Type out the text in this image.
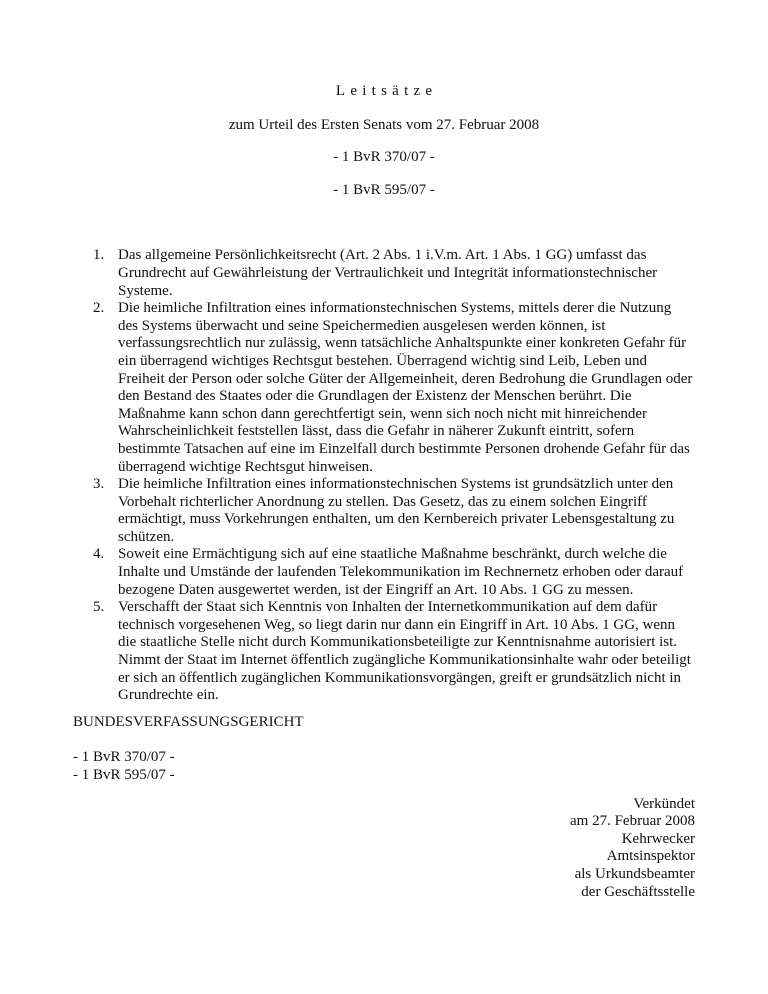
Leitsätze
zum Urteil des Ersten Senats vom 27. Februar 2008
- 1 BvR 370/07 -
- 1 BvR 595/07 -
1. Das allgemeine Persönlichkeitsrecht (Art. 2 Abs. 1 i.V.m. Art. 1 Abs. 1 GG) umfasst das Grundrecht auf Gewährleistung der Vertraulichkeit und Integrität informationstechnischer Systeme.
2. Die heimliche Infiltration eines informationstechnischen Systems, mittels derer die Nutzung des Systems überwacht und seine Speichermedien ausgelesen werden können, ist verfassungsrechtlich nur zulässig, wenn tatsächliche Anhaltspunkte einer konkreten Gefahr für ein überragend wichtiges Rechtsgut bestehen. Überragend wichtig sind Leib, Leben und Freiheit der Person oder solche Güter der Allgemeinheit, deren Bedrohung die Grundlagen oder den Bestand des Staates oder die Grundlagen der Existenz der Menschen berührt. Die Maßnahme kann schon dann gerechtfertigt sein, wenn sich noch nicht mit hinreichender Wahrscheinlichkeit feststellen lässt, dass die Gefahr in näherer Zukunft eintritt, sofern bestimmte Tatsachen auf eine im Einzelfall durch bestimmte Personen drohende Gefahr für das überragend wichtige Rechtsgut hinweisen.
3. Die heimliche Infiltration eines informationstechnischen Systems ist grundsätzlich unter den Vorbehalt richterlicher Anordnung zu stellen. Das Gesetz, das zu einem solchen Eingriff ermächtigt, muss Vorkehrungen enthalten, um den Kernbereich privater Lebensgestaltung zu schützen.
4. Soweit eine Ermächtigung sich auf eine staatliche Maßnahme beschränkt, durch welche die Inhalte und Umstände der laufenden Telekommunikation im Rechnernetz erhoben oder darauf bezogene Daten ausgewertet werden, ist der Eingriff an Art. 10 Abs. 1 GG zu messen.
5. Verschafft der Staat sich Kenntnis von Inhalten der Internetkommunikation auf dem dafür technisch vorgesehenen Weg, so liegt darin nur dann ein Eingriff in Art. 10 Abs. 1 GG, wenn die staatliche Stelle nicht durch Kommunikationsbeteiligte zur Kenntnisnahme autorisiert ist.
Nimmt der Staat im Internet öffentlich zugängliche Kommunikationsinhalte wahr oder beteiligt er sich an öffentlich zugänglichen Kommunikationsvorgängen, greift er grundsätzlich nicht in Grundrechte ein.
BUNDESVERFASSUNGSGERICHT
- 1 BvR 370/07 -
- 1 BvR 595/07 -
Verkündet
am 27. Februar 2008
Kehrwecker
Amtsinspektor
als Urkundsbeamter
der Geschäftsstelle
